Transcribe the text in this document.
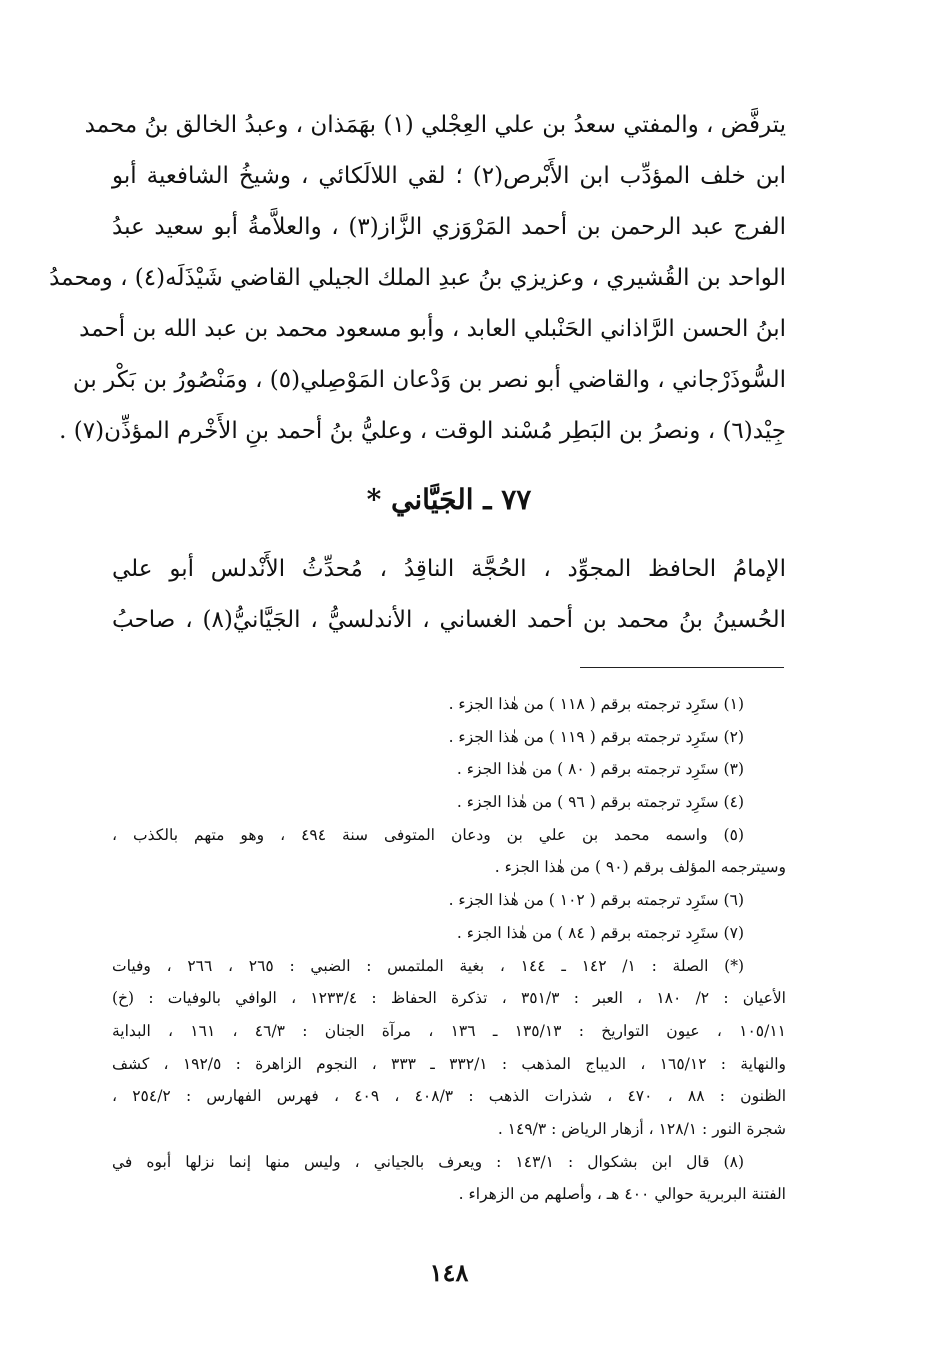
يترفَّض ، والمفتي سعدُ بن علي العِجْلي (١) بهَمَذان ، وعبدُ الخالق بنُ محمد
ابن خلف المؤدِّب ابن الأَبْرص(٢) ؛ لقي اللالَكائي ، وشيخُ الشافعية أبو
الفرج عبد الرحمن بن أحمد المَرْوَزي الزَّاز(٣) ، والعلاَّمةُ أبو سعيد عبدُ
الواحد بن القُشيري ، وعزيزي بنُ عبدِ الملك الجيلي القاضي شَيْذَلَه(٤) ، ومحمدُ
ابنُ الحسن الرَّاذاني الحَنْبلي العابد ، وأبو مسعود محمد بن عبد الله بن أحمد
السُّوذَرْجاني ، والقاضي أبو نصر بن وَدْعان المَوْصِلي(٥) ، ومَنْصُورُ بن بَكْر بن
جِيْد(٦) ، ونصرُ بن البَطِر مُسْند الوقت ، وعليُّ بنُ أحمد بنِ الأَخْرم المؤذِّن(٧) .
٧٧ ـ الجَيَّاني *
الإمامُ الحافظ المجوِّد ، الحُجَّة الناقِدُ ، مُحدِّثُ الأَنْدلس أبو علي
الحُسينُ بنُ محمد بن أحمد الغساني ، الأندلسيُّ ، الجَيَّانيُّ(٨) ، صاحبُ
(١) ستَرِد ترجمته برقم ( ١١٨ ) من هٰذا الجزء .
(٢) ستَرِد ترجمته برقم ( ١١٩ ) من هٰذا الجزء .
(٣) ستَرِد ترجمته برقم ( ٨٠ ) من هٰذا الجزء .
(٤) ستَرِد ترجمته برقم ( ٩٦ ) من هٰذا الجزء .
(٥) واسمه محمد بن علي بن ودعان المتوفى سنة ٤٩٤ ، وهو متهم بالكذب ،
وسيترجمه المؤلف برقم (٩٠ ) من هٰذا الجزء .
(٦) ستَرِد ترجمته برقم ( ١٠٢ ) من هٰذا الجزء .
(٧) ستَرِد ترجمته برقم ( ٨٤ ) من هٰذا الجزء .
(*) الصلة : ١/ ١٤٢ ـ ١٤٤ ، بغية الملتمس : الضبي : ٢٦٥ ، ٢٦٦ ، وفيات
الأعيان : ٢/ ١٨٠ ، العبر : ٣٥١/٣ ، تذكرة الحفاظ : ١٢٣٣/٤ ، الوافي بالوفيات : (خ)
١٠٥/١١ ، عيون التواريخ : ١٣٥/١٣ ـ ١٣٦ ، مرآة الجنان : ٤٦/٣ ، ١٦١ ، البداية
والنهاية : ١٦٥/١٢ ، الديباج المذهب : ٣٣٢/١ ـ ٣٣٣ ، النجوم الزاهرة : ١٩٢/٥ ، كشف
الظنون : ٨٨ ، ٤٧٠ ، شذرات الذهب : ٤٠٨/٣ ، ٤٠٩ ، فهرس الفهارس : ٢٥٤/٢ ،
شجرة النور : ١٢٨/١ ، أزهار الرياض : ١٤٩/٣ .
(٨) قال ابن بشكوال : ١٤٣/١ : ويعرف بالجياني ، وليس منها إنما نزلها أبوه في
الفتنة البربرية حوالي ٤٠٠ هـ ، وأصلهم من الزهراء .
١٤٨
